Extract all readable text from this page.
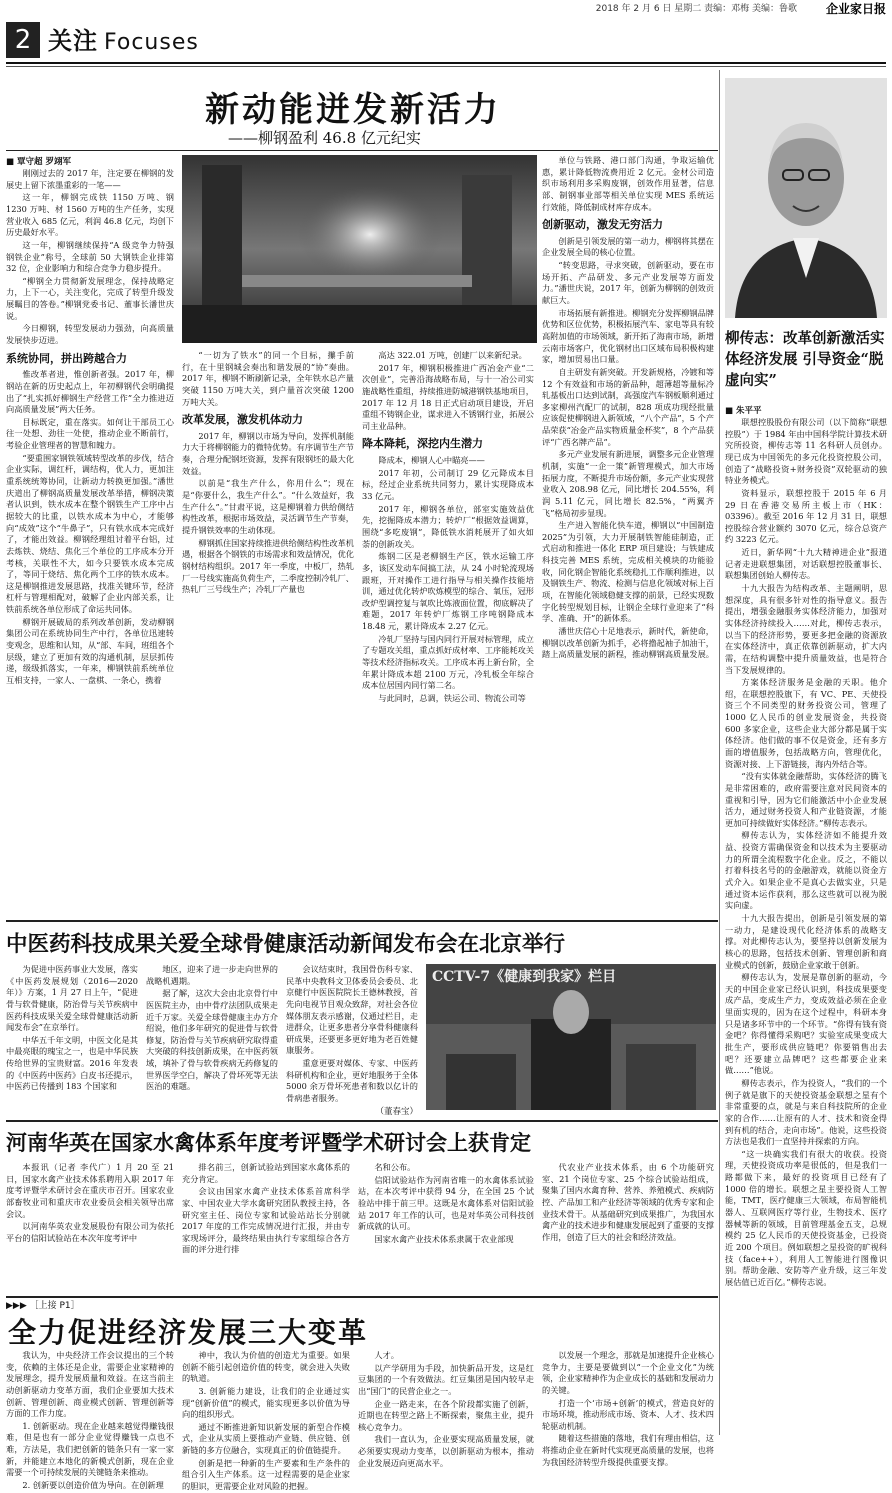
2018 年 2 月 6 日 星期二 责编：邓梅 美编：鲁歌 企业家日报
2 关注 Focuses
新动能迸发新活力
——柳钢盈利 46.8 亿元纪实
■ 覃守超 罗翊军

刚刚过去的 2017 年，注定要在柳钢的发展史上留下浓墨重彩的一笔——

这一年，柳钢完成铁 1150 万吨、钢 1230 万吨、材 1560 万吨的生产任务，实现营业收入 685 亿元，利润 46.8 亿元，均创下历史最好水平。

这一年，柳钢继续保持“A 级竞争力特强钢铁企业”称号，全球前 50 大钢铁企业排第 32 位，企业影响力和综合竞争力稳步提升。

“柳钢全力贯彻新发展理念，保持战略定力，上下一心，关注变化，完成了转型升级发展瞩目的答卷。”柳钢党委书记、董事长潘世庆说。

今日柳钢，转型发展动力强劲，向高质量发展快步迈进。

系统协同，拼出跨越合力

惟改革者进，惟创新者强。2017 年，柳钢站在新的历史起点上，年初柳钢代会明确提出了“扎实抓好柳钢生产经营工作”全力推进迈向高质量发展”两大任务。

目标既定，重在落实。如何让干部员工心往一处想、劲往一处使，推动企业不断前行，考验企业管理者的智慧和魄力。

“要重围家钢铁领域转型改革的步伐，结合企业实际，调红杆，调结构，优人力，更加注重系统统筹协同，让新动力转换更加强。”潘世庆道出了柳钢高质量发展改革举措，柳钢决策者认识到，铁水成本在整个钢铁生产工序中占据较大的比重，以铁水成本为中心，才能够向“成效”这个“牛鼻子”，只有铁水成本完成好了，才能出效益。柳钢经理组讨着平台铝，过去炼铁、烧结、焦化三个单位的工序成本分开考核，关联性不大，如今只要铁水成本完成了，等同于烧结、焦化两个工序的铁水成本。这是柳钢推进发展思路，找准关键环节，经济杠杆与管理相配对，破解了企业内部关系，让铁前系统各单位形成了命运共同体。

柳钢开展破局的系列改革创新，发动柳钢集团公司在系统协同生产中行，各单位迅速转变观念，思维和认知，从“部、车间，班组各个层级，建立了更加有效的沟通机制，层层抓传递，级级抓落实，一年来，柳钢铁前系统单位互相支持，一家人、一盘棋、一条心，携着

“一切为了铁水”的同一个目标，攥手前行，在十里钢城会奏出和谐发展的“协”奏曲。2017 年，柳钢不断刷新记录，全年铁水总产量突破 1150 万吨大关，到户量首次突破 1200 万吨大关。

改革发展，激发机体动力

2017 年，柳钢以市场为导向，发挥机制能力大于将柳钢能力的微特优势。有序调节生产节奏，合理分配钢坯资源，发挥有限钢坯的最大化效益。

以前是“我生产什么，你用什么”；现在是“你要什么，我生产什么”。“什么效益好，我生产什么”。”甘肃平说，这是柳钢着力供给侧结构性改革，根据市场效益，灵活调节生产节奏，提升钢铁效率的生动体现。

柳钢抓住国家持续推进供给侧结构性改革机遇，根据各个钢铁的市场需求和效益情况，优化钢材结构组织。2017 年一季度，中板厂，热轧厂一号线实施高负荷生产，二季度控制冷轧厂、热轧厂三号线生产；冷轧厂产量也

高达 322.01 万吨，创建厂以来新纪录。

2017 年，柳钢积极推进广西冶金产业“二次创业”，完善沿海战略布局，与十一冶公司实施战略性重组，持续推进防城港钢铁基地项目，2017 年 12 月 18 日正式启动项目建设，开启重组不铸钢企业，谋求进入不锈钢行业，拓展公司主业品种。

降本降耗，深挖内生潜力

降成本，柳钢人心中瞄亮——

2017 年初，公司制订 29 亿元降成本目标，经过企业系统共同努力，累计实现降成本 33 亿元。

2017 年，柳钢各单位，部室实施效益优先，挖掘降成本潜力；转炉厂“根据效益调算，围绕“多吃废钢”，降低铁水消耗展开了如火如荼的创新攻关。

炼钢二区是老柳钢生产区，铁水运输工序多，该区发动车间搞工法，从 24 小时轮流现场跟班，开对操作工进行指导与相关操作技能培训，通过优化转炉吹炼模型的综合、氧压，冠形改炉型调控复与氧吹比炼液面位置，彻底解决了难题，2017 年转炉厂炼钢工序吨钢降成本 18.48 元，累计降成本 2.27 亿元。

冷轧厂坚持与国内同行开展对标管理，成立了专题攻关组，重点抓好成材率、工序能耗攻关等技术经济指标攻关。工序成本再上新台阶，全年累计降成本超 2100 万元，冷轧板全年综合成本位居国内同行第二名。

与此同时，总调，铁运公司、物流公司等

单位与铁路、港口部门沟通，争取运输优惠，累计降低物流费用近 2 亿元。金材公司造织市场利用多采购废钢，创效作用显著，信息部、制钢事业部等相关单位实现 MES 系统运行效能，降低制成材库存成本。

创新驱动，激发无穷活力

创新是引领发展的第一动力，柳钢将其摆在企业发展全局的核心位置。

“转变思路，寻求突破，创新驱动，要在市场开拓、产品研发、多元产业发展等方面发力。”潘世庆说，2017 年，创新为柳钢的创效贡献巨大。

市场拓展有新推进。柳钢充分发挥柳钢品牌优势和区位优势，积极拓展汽车、家电等具有较高附加值的市场领域，新开拓了海南市场，新增云南市场客户，优化钢材出口区域布局积极构建家，增加贸易出口量。

自主研发有新突破。开发新规格，冷镀和等 12 个有效益和市场的新品种，超薄超等量标冷轧基板出口达到试制，高强度汽车钢板顺利通过多家柳州汽配厂的试制，828 项成功现经批量应该促使柳钢进入新领域，“八个产品”，5 个产品荣获“冶金产品实物质量金杯奖”，8 个产品获评“广西名牌产品”。

多元产业发展有新进展，调整多元企业管理机制，实施“一企一策”新管理模式，加大市场拓展力度，不断提升市场份额，多元产业实现营业收入 208.98 亿元，同比增长 204.55%，利润 5.11 亿元，同比增长 82.5%，“两翼齐飞”格局初步显现。

生产进入智能化快车道，柳钢以“中国制造 2025”为引领，大力开展制铁智能硅制造，正式启动和推进一体化 ERP 项目建设；与铁建成科技完善 MES 系统，完成相关模块的功能验收，同化钢企智能化系统稳扎工作顺利推进，以及钢铁生产、物流、检测与信息化领域对标上百项，在智能化领域稳健支撑的前景，已经实现数字化转型规划目标，让钢企全球行业迎来了“科学、准确、开”的新体系。

潘世庆信心十足地表示，新时代，新使命，柳钢以改革创新为抓手，必将撸起袖子加油干，踏上高质量发展的新程，推动柳钢高质量发展。

柳传志：改革创新激活实体经济发展 引导资金“脱虚向实”
■ 朱平平

联想控股股份有限公司（以下简称“联想控股”）于 1984 年由中国科学院计算技术研究所投资，柳传志等 11 名科研人员创办。现已成为中国领先的多元化投资控股公司，创造了“战略投资+财务投资”双轮驱动的独特业务模式。

资料显示，联想控股于 2015 年 6 月 29 日在香港交易所主板上市（HK：03396）。截至 2016 年 12 月 31 日，联想控股综合营业额约 3070 亿元，综合总资产约 3223 亿元。

近日，新华网“十九大精神进企业”报道记者走进联想集团，对话联想控股董事长、联想集团创始人柳传志。

十九大报告为结构改革、主题阐明，思想深度，具有很多针对性的指导意义。报告提出，增强金融服务实体经济能力，加强对实体经济持续投入……对此，柳传志表示，以当下的经济形势，要更多把金融的资源放在实体经济中，真正依靠创新驱动，扩大内需，在结构调整中提升质量效益，也是符合当下发展规律的。

方案体经济服务是金融的天职。他介绍，在联想控股旗下，有 VC、PE、天使投资三个不同类型的财务投资公司，管理了 1000 亿人民币的创业发展资金，共投资 600 多家企业，这些企业大部分都是属于实体经济。他们做的事不仅是资金，还有多方面的增值服务，包括战略方向，管理优化，资源对接、上下游链接，海内外结合等。

“没有实体就金融帮助，实体经济的腾飞是非常困难的，政府需要注意对民间资本的重视和引导，因为它们能激活中小企业发展活力，通过财务投资人和产业链资源，才能更加可持续做好实体经济。”柳传志表示。

柳传志认为，实体经济如不能提升效益、投资方需确保资金和以技术为主要驱动力的所谓全流程数字化企业。反之，不能以打着科技名号的的金融游戏，就能以资金方式介入。如果企业不是真心去做实业，只是通过资本运作获利，那么这些就可以视为脱实向虚。

十九大报告提出，创新是引领发展的第一动力，是建设现代化经济体系的战略支撑。对此柳传志认为，要坚持以创新发展为核心的思路，包括技术创新、管理创新和商业模式的创新，鼓励企业家敢于创新。

柳传志认为，发展是靠创新的驱动，今天的中国企业家已经认识到，科技成果要变成产品，变成生产力，变成效益必须在企业里面实现的，因为在这个过程中，科研本身只是诸多环节中的一个环节。“你得有钱有资金吧？你得懂得采购吧？实验室成果变成大批生产，要形成供应链吧？你要销售出去吧？还要建立品牌吧？这些都要企业来做……”他说。

柳传志表示，作为投资人，“我们的一个例子就是旗下的天使投资基金联想之星有个非常重要的点，就是与来自科技院所的企业家的合作……让原有的人才、技术和资金得到有机的结合，走向市场”。他说，这些投资方法也是我们一直坚持并探索的方向。

“这一块确实我们有很大的收获。投资理，天使投资成功率是很低的，但是我们一路都做下来，最好的投资项目已经有了 1000 倍的增长。联想之星主要投资人工智能，TMT，医疗健康三大领域，布局智能机器人、互联网医疗等行业，生物技术、医疗器械等新的领域，目前管理基金五支，总规模约 25 亿人民币的天使投资基金，已投资近 200 个项目。例如联想之星投资的旷视科技（face++），利用人工智能进行图像识别。帮助金融、安防等产业升级，这三年发展估值已近百亿。”柳传志说。

中医药科技成果关爱全球骨健康活动新闻发布会在北京举行

为促进中医药事业大发展，落实《中医药发展规划（2016—2020 年）》方案，1 月 27 日上午，“促进骨与软骨健康，防治骨与关节疾病中医药科技成果关爱全球骨健康活动新闻发布会”在京举行。

中华五千年文明，中医文化是其中最亮眼的瑰宝之一，也是中华民族传给世界的宝贵财富。2016 年发表的《中医药中医药》白皮书还提示，中医药已传播到 183 个国家和

地区，迎来了进一步走向世界的战略机遇期。

据了解，这次大会由北京骨行中医医院主办，由中骨疗法团队成果走近千万家。关爱全球骨健康主办方介绍说，他们多年研究的促进骨与软骨修复，防治骨与关节疾病研究取得重大突破的科技创新成果，在中医药领域，填补了骨与软骨疾病无药修复的世界医学空白，解决了骨坏死等无法医治的难题。

会议结束时，我国骨伤科专家、民革中央教科文卫体委员会委员、北京健行中医医院院长王德林教授，首先向电视节目观众致辞，对社会各位媒体朋友表示感谢，仪通过栏目，走进群众，让更多患者分享骨科健康科研成果，还要更多更好地为老百姓健康服务。

重意更要对媒体、专家、中医药科研机构和企业，更好地服务于全体 5000 余万骨坏死患者和数以亿计的骨病患者服务。

（董春宝）
CCTV-7《健康到我家》栏目
河南华英在国家水禽体系年度考评暨学术研讨会上获肯定

本报讯（记者 李代广）1 月 20 至 21 日，国家水禽产业技术体系聘用入职 2017 年度考评暨学术研讨会在重庆市召开。国家农业部畜牧业司和重庆市农业委员会相关领导出席会议。

以河南华英农业发展股份有限公司为依托平台的信阳试验站在本次年度考评中

排名前三，创新试验站到国家水禽体系的充分肯定。

会议由国家水禽产业技术体系首席科学家、中国农业大学水禽研究团队教授主持，各研究室主任、岗位专家和试验站站长分别就 2017 年度的工作完成情况进行汇报，并由专家现场评分，最终结果由执行专家组综合各方面的评分进行排

名和公布。

信阳试验站作为河南省唯一的水禽体系试验站，在本次考评中获得 94 分，在全国 25 个试验站中排于前三甲。这既是水禽体系对信阳试验站 2017 年工作的认可，也是对华英公司科技创新成就的认可。

国家水禽产业技术体系隶属于农业部现

代农业产业技术体系，由 6 个功能研究室、21 个岗位专家、25 个综合试验站组成，聚集了国内水禽育种、营养、养殖模式、疾病防控、产品加工和产业经济等领域的优秀专家和企业技术骨干。从基础研究到成果推广，为我国水禽产业的技术进步和健康发展起到了重要的支撑作用，创造了巨大的社会和经济效益。

▶▶▶ ［上接 P1］
全力促进经济发展三大变革

我认为，中央经济工作会议提出的三个转变，依赖的主体还是企业，需要企业家精神的发展理念，提升发展质量和效益。在这当前主动创新驱动力变革方面，我们企业要加大技术创新、管理创新、商业模式创新、管理创新等方面的工作力度。

1. 创新驱动。现在企业越来越觉得赚钱很难，但是也有一部分企业觉得赚钱一点也不难，方法是，我们把创新的链条只有一家一家新，并能建立本地化的新模式创新，现在企业需要一个可持续发展的关键链条来推动。

2. 创新要以创造价值为导向。在创新理

神中，我认为价值的创造尤为重要。如果创新不能引起创造价值的转变，就会进入失败的轨道。

3. 创新能力建设，让我们的企业通过实现“创新价值”的模式，能实现更多以价值为导向的组织形式。

通过不断推进新知识新发展的新型合作模式，企业从实质上要推动产业链、供应链、创新链的多方位融合，实现真正的价值链提升。

创新是把一种新的生产要素和生产条件的组合引入生产体系。这一过程需要的是企业家的胆识，更需要企业对风险的把握。

人才。

以产学研用为手段，加快新品开发，这是红豆集团的一个有效做法。红豆集团是国内较早走出“国门”的民营企业之一。

企业一路走来，在各个阶段都实施了创新，近期也在转型之路上不断探索，聚焦主业，提升核心竞争力。

我们一直认为，企业要实现高质量发展，就必须要实现动力变革，以创新驱动为根本，推动企业发展迈向更高水平。

以发展一个理念，那就是加速提升企业核心竞争力，主要是要做到以“一个企业文化”为统领，企业家精神作为企业成长的基础和发展动力的关键。

打造一个‘市场+创新’的模式，营造良好的市场环境，推动形成市场、资本、人才、技术四轮驱动机制。

随着这些措施的落地，我们有理由相信，这将推动企业在新时代实现更高质量的发展，也将为我国经济转型升级提供重要支撑。
